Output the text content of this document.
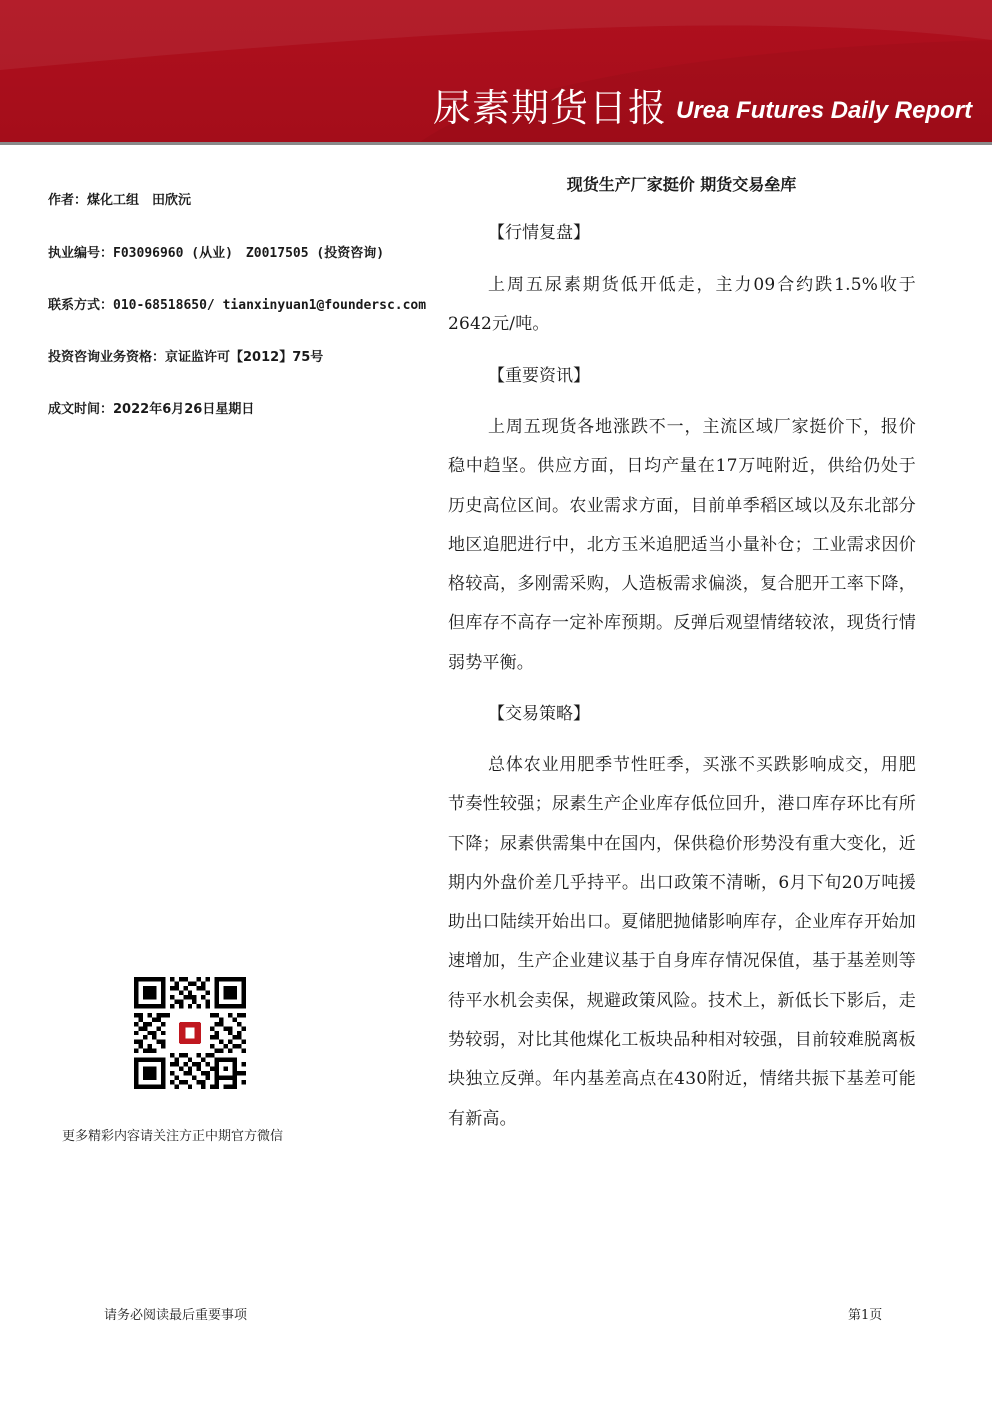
尿素期货日报 Urea Futures Daily Report
作者：煤化工组　田欣沅
执业编号：F03096960 (从业)　Z0017505 (投资咨询)
联系方式：010-68518650/ tianxinyuan1@foundersc.com
投资咨询业务资格：京证监许可【2012】75号
成文时间：2022年6月26日星期日
更多精彩内容请关注方正中期官方微信
现货生产厂家挺价 期货交易垒库
【行情复盘】
上周五尿素期货低开低走，主力09合约跌1.5%收于2642元/吨。
【重要资讯】
上周五现货各地涨跌不一，主流区域厂家挺价下，报价稳中趋坚。供应方面，日均产量在17万吨附近，供给仍处于历史高位区间。农业需求方面，目前单季稻区域以及东北部分地区追肥进行中，北方玉米追肥适当小量补仓；工业需求因价格较高，多刚需采购，人造板需求偏淡，复合肥开工率下降，但库存不高存一定补库预期。反弹后观望情绪较浓，现货行情弱势平衡。
【交易策略】
总体农业用肥季节性旺季，买涨不买跌影响成交，用肥节奏性较强；尿素生产企业库存低位回升，港口库存环比有所下降；尿素供需集中在国内，保供稳价形势没有重大变化，近期内外盘价差几乎持平。出口政策不清晰，6月下旬20万吨援助出口陆续开始出口。夏储肥抛储影响库存，企业库存开始加速增加，生产企业建议基于自身库存情况保值，基于基差则等待平水机会卖保，规避政策风险。技术上，新低长下影后，走势较弱，对比其他煤化工板块品种相对较强，目前较难脱离板块独立反弹。年内基差高点在430附近，情绪共振下基差可能有新高。
请务必阅读最后重要事项	第1页
